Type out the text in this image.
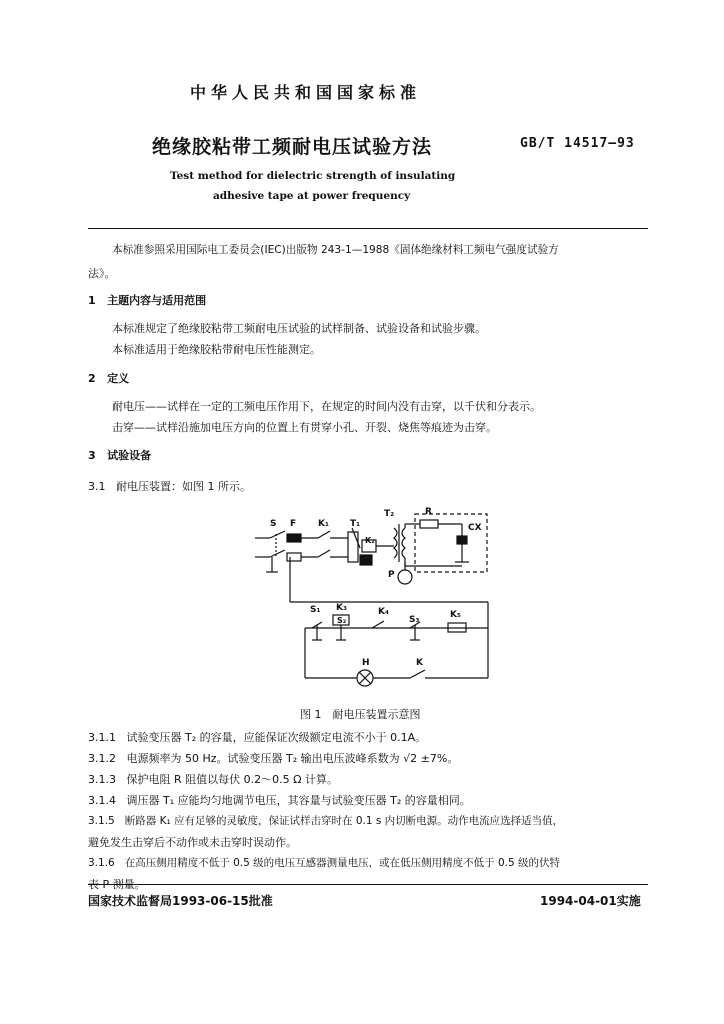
中华人民共和国国家标准
绝缘胶粘带工频耐电压试验方法	GB/T 14517—93
Test method for dielectric strength of insulating
adhesive tape at power frequency
本标准参照采用国际电工委员会(IEC)出版物 243-1—1988《固体绝缘材料工频电气强度试验方
法》。
1 主题内容与适用范围
本标准规定了绝缘胶粘带工频耐电压试验的试样制备、试验设备和试验步骤。
本标准适用于绝缘胶粘带耐电压性能测定。
2 定义
耐电压——试样在一定的工频电压作用下，在规定的时间内没有击穿，以千伏和分表示。
击穿——试样沿施加电压方向的位置上有贯穿小孔、开裂、烧焦等痕迹为击穿。
3 试验设备
3.1 耐电压装置：如图 1 所示。
S F K₁ T₁
T₂	R
CX
K₂
P
S₁ K₃
S₂
K₄
S₃	K₅
H	K
图 1　耐电压装置示意图
3.1.1 试验变压器 T₂ 的容量，应能保证次级额定电流不小于 0.1A。
3.1.2 电源频率为 50 Hz。试验变压器 T₂ 输出电压波峰系数为 √2 ±7%。
3.1.3 保护电阻 R 阻值以每伏 0.2～0.5 Ω 计算。
3.1.4 调压器 T₁ 应能均匀地调节电压，其容量与试验变压器 T₂ 的容量相同。
3.1.5 断路器 K₁ 应有足够的灵敏度，保证试样击穿时在 0.1 s 内切断电源。动作电流应选择适当值，
避免发生击穿后不动作或未击穿时误动作。
3.1.6 在高压侧用精度不低于 0.5 级的电压互感器测量电压，或在低压侧用精度不低于 0.5 级的伏特
表 P 测量。
国家技术监督局1993-06-15批准	1994-04-01实施
